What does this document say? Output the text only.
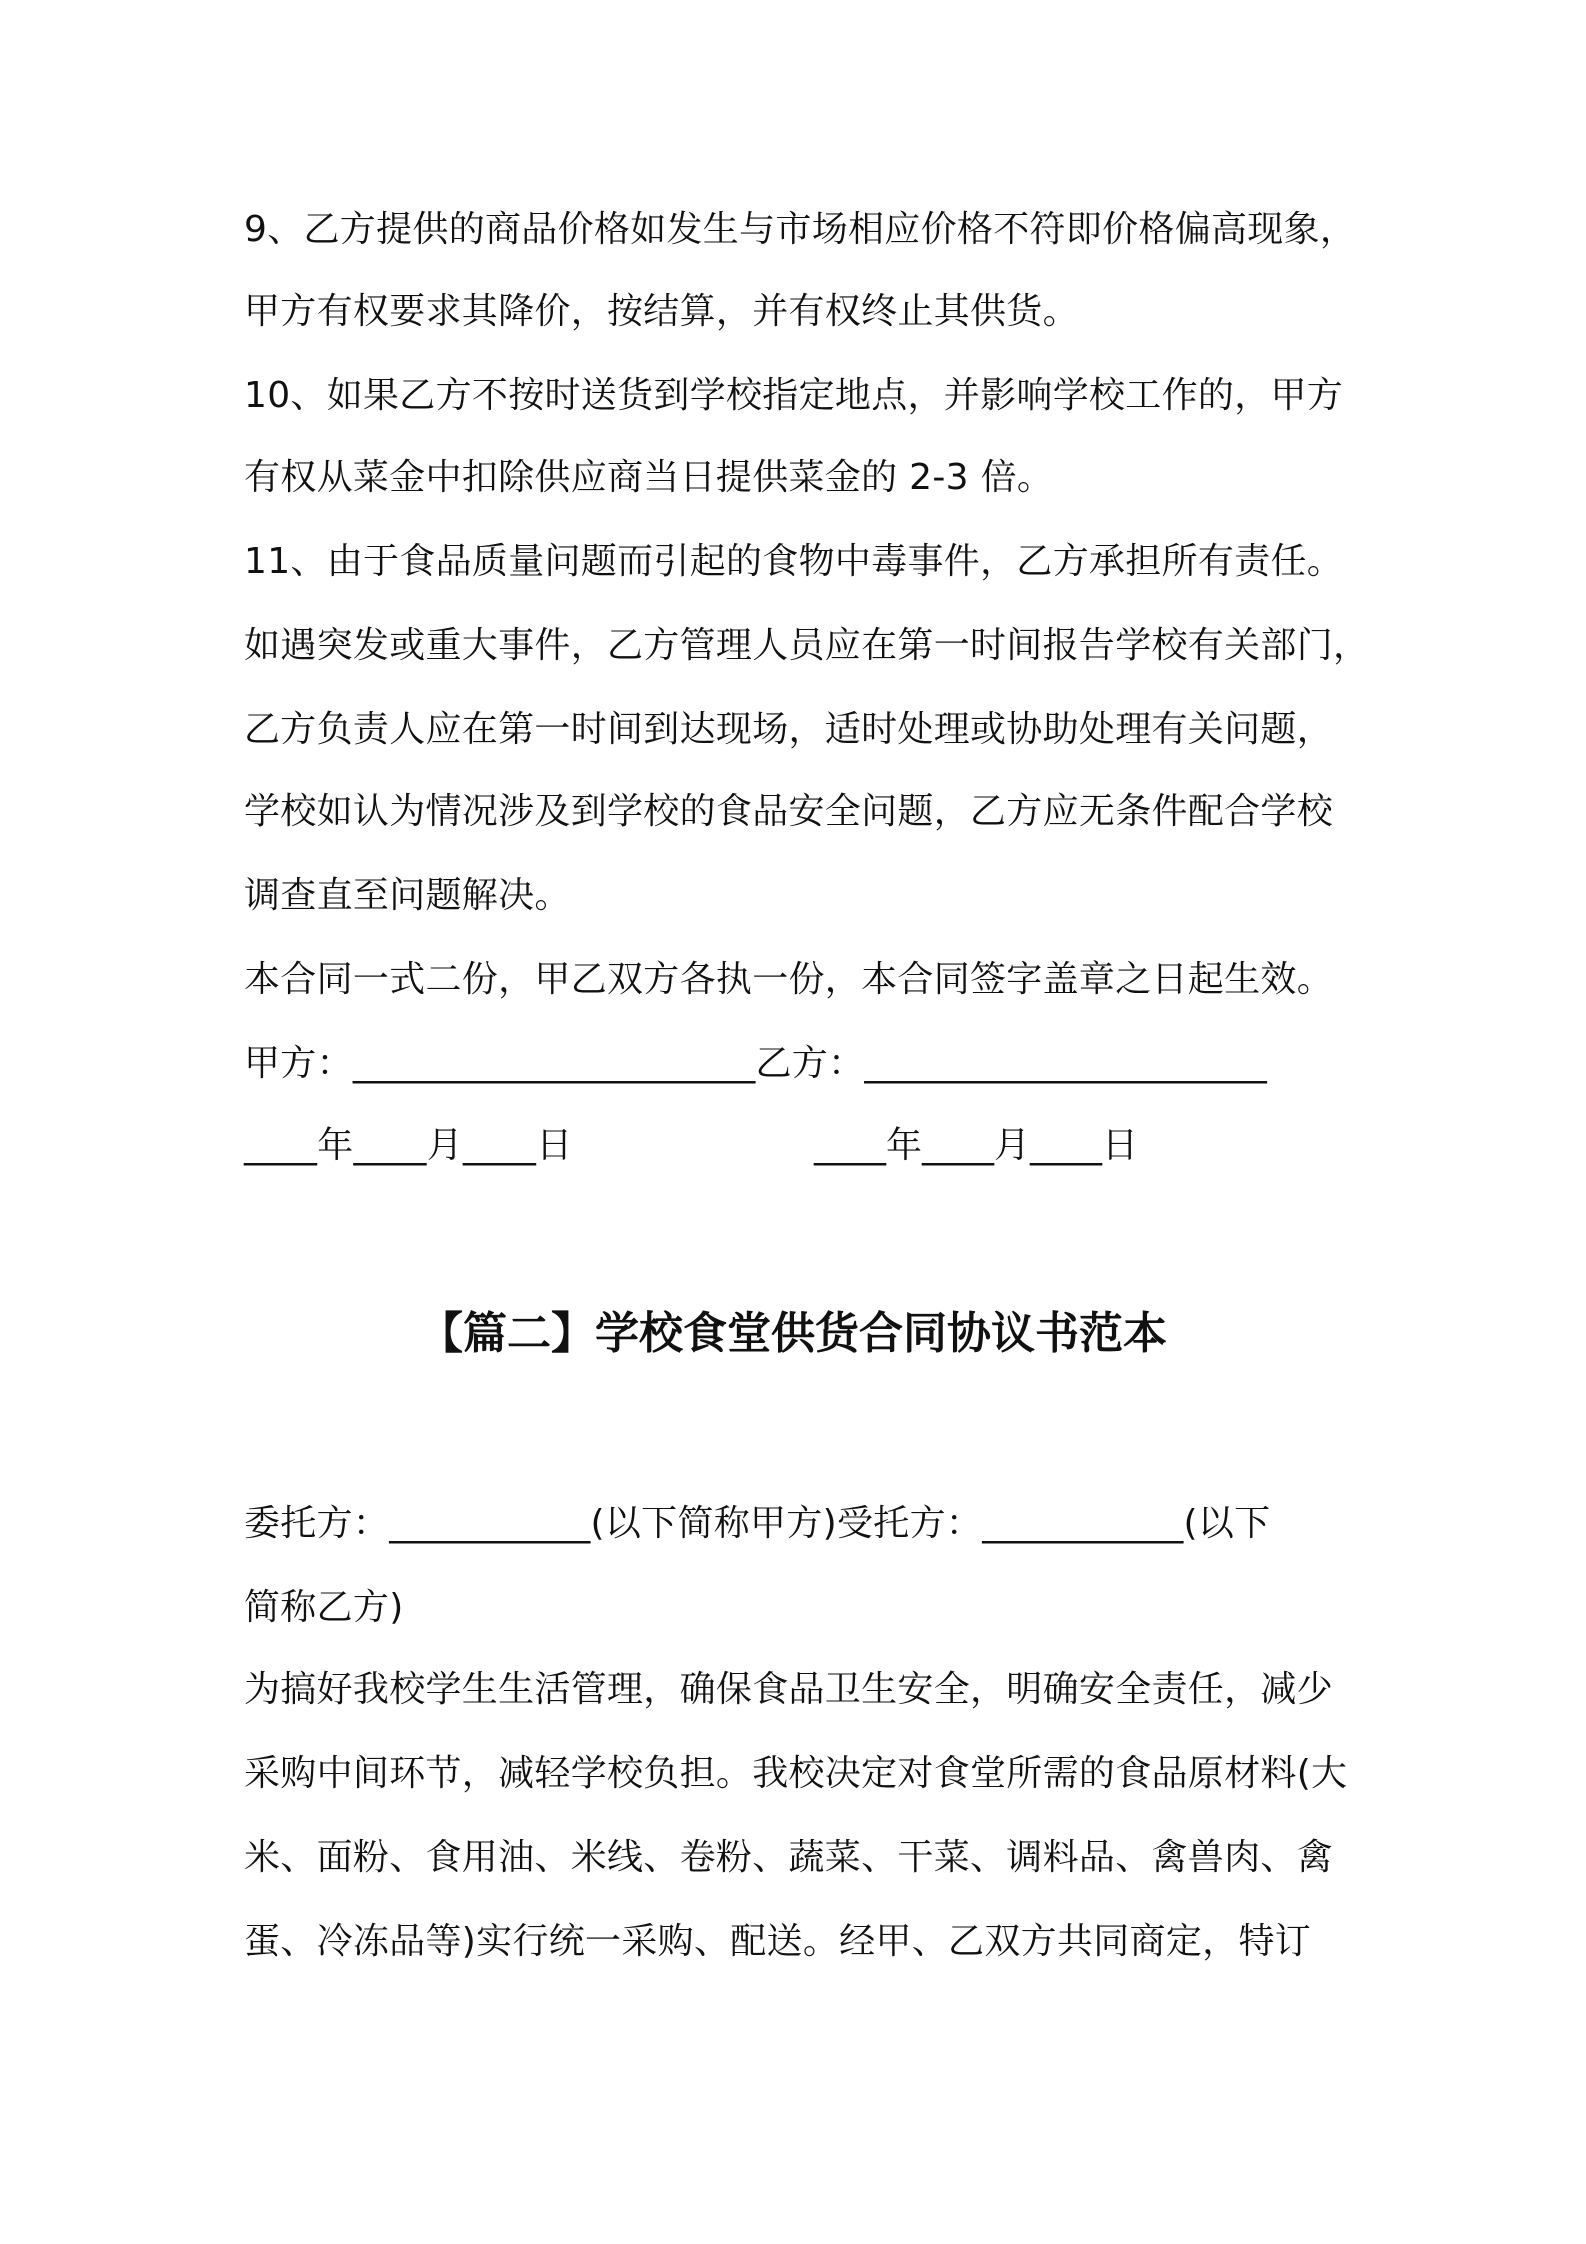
9、乙方提供的商品价格如发生与市场相应价格不符即价格偏高现象，
甲方有权要求其降价，按结算，并有权终止其供货。
10、如果乙方不按时送货到学校指定地点，并影响学校工作的，甲方
有权从菜金中扣除供应商当日提供菜金的 2-3 倍。
11、由于食品质量问题而引起的食物中毒事件，乙方承担所有责任。
如遇突发或重大事件，乙方管理人员应在第一时间报告学校有关部门，
乙方负责人应在第一时间到达现场，适时处理或协助处理有关问题，
学校如认为情况涉及到学校的食品安全问题，乙方应无条件配合学校
调查直至问题解决。
本合同一式二份，甲乙双方各执一份，本合同签字盖章之日起生效。
甲方：______________________乙方：______________________
____年____月____日	____年____月____日
【篇二】学校食堂供货合同协议书范本
委托方：___________(以下简称甲方)受托方：___________(以下
简称乙方)
为搞好我校学生生活管理，确保食品卫生安全，明确安全责任，减少
采购中间环节，减轻学校负担。我校决定对食堂所需的食品原材料(大
米、面粉、食用油、米线、卷粉、蔬菜、干菜、调料品、禽兽肉、禽
蛋、冷冻品等)实行统一采购、配送。经甲、乙双方共同商定，特订
